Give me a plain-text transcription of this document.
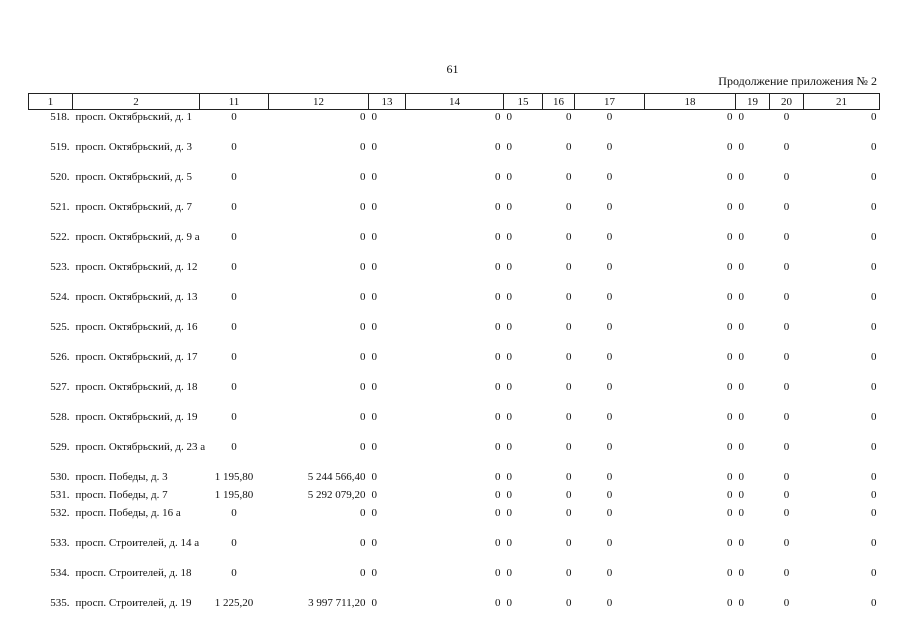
61
Продолжение приложения № 2
1	2	11	12	13	14	15	16	17	18	19	20	21
518.	просп. Октябрьский, д. 1	0	0	0	0	0	0	0	0	0	0	0
519.	просп. Октябрьский, д. 3	0	0	0	0	0	0	0	0	0	0	0
520.	просп. Октябрьский, д. 5	0	0	0	0	0	0	0	0	0	0	0
521.	просп. Октябрьский, д. 7	0	0	0	0	0	0	0	0	0	0	0
522.	просп. Октябрьский, д. 9 а	0	0	0	0	0	0	0	0	0	0	0
523.	просп. Октябрьский, д. 12	0	0	0	0	0	0	0	0	0	0	0
524.	просп. Октябрьский, д. 13	0	0	0	0	0	0	0	0	0	0	0
525.	просп. Октябрьский, д. 16	0	0	0	0	0	0	0	0	0	0	0
526.	просп. Октябрьский, д. 17	0	0	0	0	0	0	0	0	0	0	0
527.	просп. Октябрьский, д. 18	0	0	0	0	0	0	0	0	0	0	0
528.	просп. Октябрьский, д. 19	0	0	0	0	0	0	0	0	0	0	0
529.	просп. Октябрьский, д. 23 а	0	0	0	0	0	0	0	0	0	0	0
530.	просп. Победы, д. 3	1 195,80	5 244 566,40	0	0	0	0	0	0	0	0	0
531.	просп. Победы, д. 7	1 195,80	5 292 079,20	0	0	0	0	0	0	0	0	0
532.	просп. Победы, д. 16 а	0	0	0	0	0	0	0	0	0	0	0
533.	просп. Строителей, д. 14 а	0	0	0	0	0	0	0	0	0	0	0
534.	просп. Строителей, д. 18	0	0	0	0	0	0	0	0	0	0	0
535.	просп. Строителей, д. 19	1 225,20	3 997 711,20	0	0	0	0	0	0	0	0	0
